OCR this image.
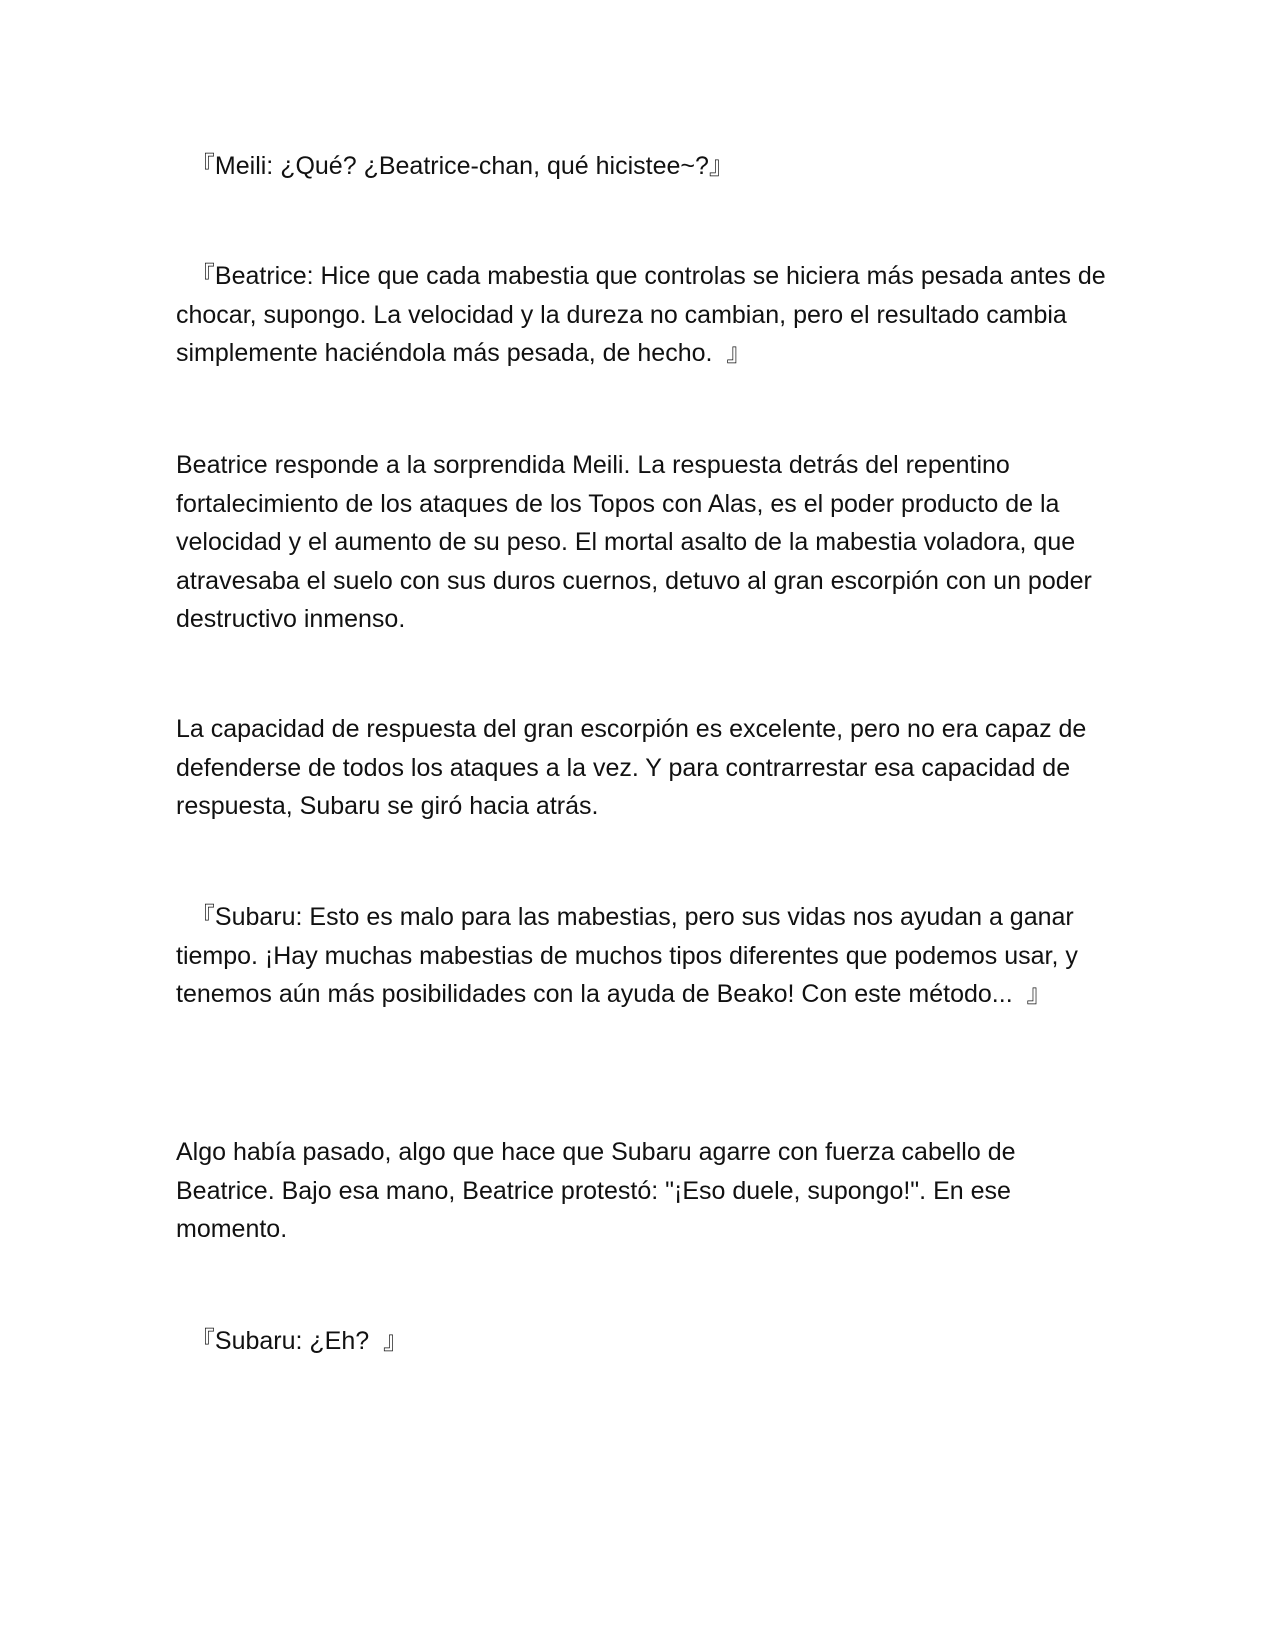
『Meili: ¿Qué? ¿Beatrice-chan, qué hicistee~?』

『Beatrice: Hice que cada mabestia que controlas se hiciera más pesada antes de chocar, supongo. La velocidad y la dureza no cambian, pero el resultado cambia simplemente haciéndola más pesada, de hecho.  』

Beatrice responde a la sorprendida Meili. La respuesta detrás del repentino fortalecimiento de los ataques de los Topos con Alas, es el poder producto de la velocidad y el aumento de su peso. El mortal asalto de la mabestia voladora, que atravesaba el suelo con sus duros cuernos, detuvo al gran escorpión con un poder destructivo inmenso.

La capacidad de respuesta del gran escorpión es excelente, pero no era capaz de defenderse de todos los ataques a la vez. Y para contrarrestar esa capacidad de respuesta, Subaru se giró hacia atrás.

『Subaru: Esto es malo para las mabestias, pero sus vidas nos ayudan a ganar tiempo. ¡Hay muchas mabestias de muchos tipos diferentes que podemos usar, y tenemos aún más posibilidades con la ayuda de Beako! Con este método...  』

Algo había pasado, algo que hace que Subaru agarre con fuerza cabello de Beatrice. Bajo esa mano, Beatrice protestó: "¡Eso duele, supongo!". En ese momento.

『Subaru: ¿Eh?  』
